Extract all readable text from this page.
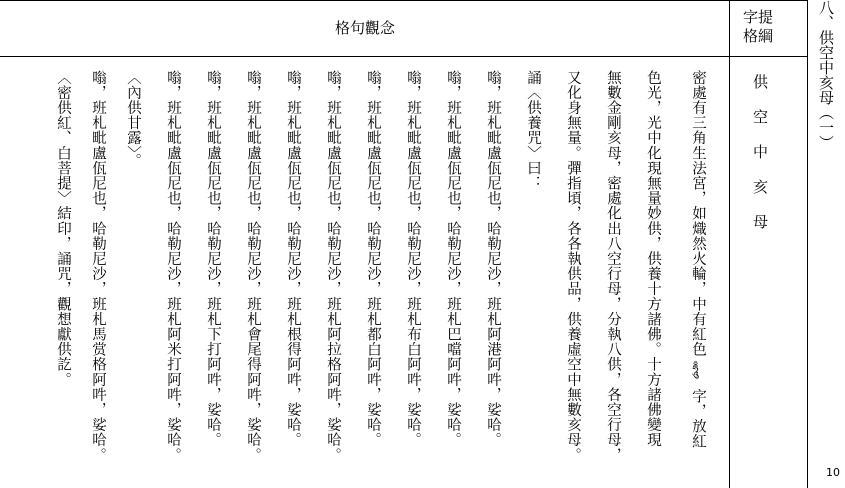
格句觀念
字提
格綱
供空中亥母	八、供空中亥母（一）
密處有三角生法宮，如熾然火輪，中有紅色ཧཱུྃ字，放紅
色光，光中化現無量妙供，供養十方諸佛。十方諸佛變現
無數金剛亥母，密處化出八空行母，分執八供，各空行母，
又化身無量。彈指頃，各各執供品，供養虛空中無數亥母。
誦〈供養咒〉曰：
嗡，班札毗盧佤尼也，哈勒尼沙，班札阿港阿吽，娑哈。
嗡，班札毗盧佤尼也，哈勒尼沙，班札巴噹阿吽，娑哈。
嗡，班札毗盧佤尼也，哈勒尼沙，班札布白阿吽，娑哈。
嗡，班札毗盧佤尼也，哈勒尼沙，班札都白阿吽，娑哈。
嗡，班札毗盧佤尼也，哈勒尼沙，班札阿拉格阿吽，娑哈。
嗡，班札毗盧佤尼也，哈勒尼沙，班札根得阿吽，娑哈。
嗡，班札毗盧佤尼也，哈勒尼沙，班札會尾得阿吽，娑哈。
嗡，班札毗盧佤尼也，哈勒尼沙，班札下打阿吽，娑哈。
嗡，班札毗盧佤尼也，哈勒尼沙，班札阿米打阿吽，娑哈。
〈內供甘露〉。
嗡，班札毗盧佤尼也，哈勒尼沙，班札馬赏格阿吽，娑哈。
〈密供紅、白菩提〉結印，誦咒，觀想獻供訖。
10
